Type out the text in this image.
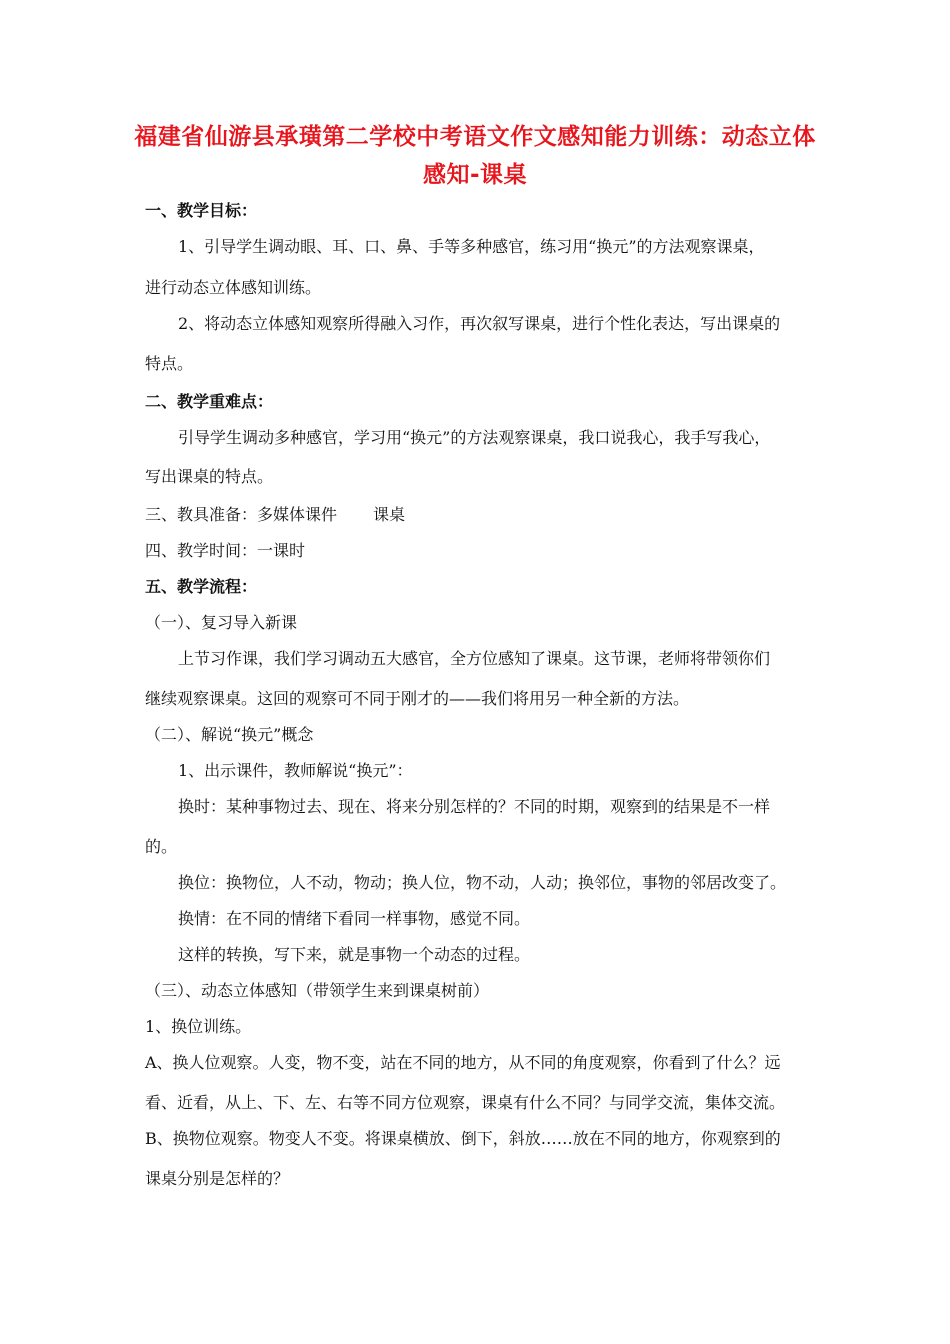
福建省仙游县承璜第二学校中考语文作文感知能力训练：动态立体
感知-课桌
一、教学目标：
1、引导学生调动眼、耳、口、鼻、手等多种感官，练习用“换元”的方法观察课桌，
进行动态立体感知训练。
2、将动态立体感知观察所得融入习作，再次叙写课桌，进行个性化表达，写出课桌的
特点。
二、教学重难点：
引导学生调动多种感官，学习用“换元”的方法观察课桌，我口说我心，我手写我心，
写出课桌的特点。
三、教具准备：多媒体课件 课桌
四、教学时间：一课时
五、教学流程：
（一）、复习导入新课
上节习作课，我们学习调动五大感官，全方位感知了课桌。这节课，老师将带领你们
继续观察课桌。这回的观察可不同于刚才的——我们将用另一种全新的方法。
（二）、解说“换元”概念
1、出示课件，教师解说“换元”：
换时：某种事物过去、现在、将来分别怎样的？不同的时期，观察到的结果是不一样
的。
换位：换物位，人不动，物动；换人位，物不动，人动；换邻位，事物的邻居改变了。
换情：在不同的情绪下看同一样事物，感觉不同。
这样的转换，写下来，就是事物一个动态的过程。
（三）、动态立体感知（带领学生来到课桌树前）
1、换位训练。
A、换人位观察。人变，物不变，站在不同的地方，从不同的角度观察，你看到了什么？远
看、近看，从上、下、左、右等不同方位观察，课桌有什么不同？与同学交流，集体交流。
B、换物位观察。物变人不变。将课桌横放、倒下，斜放……放在不同的地方，你观察到的
课桌分别是怎样的？
